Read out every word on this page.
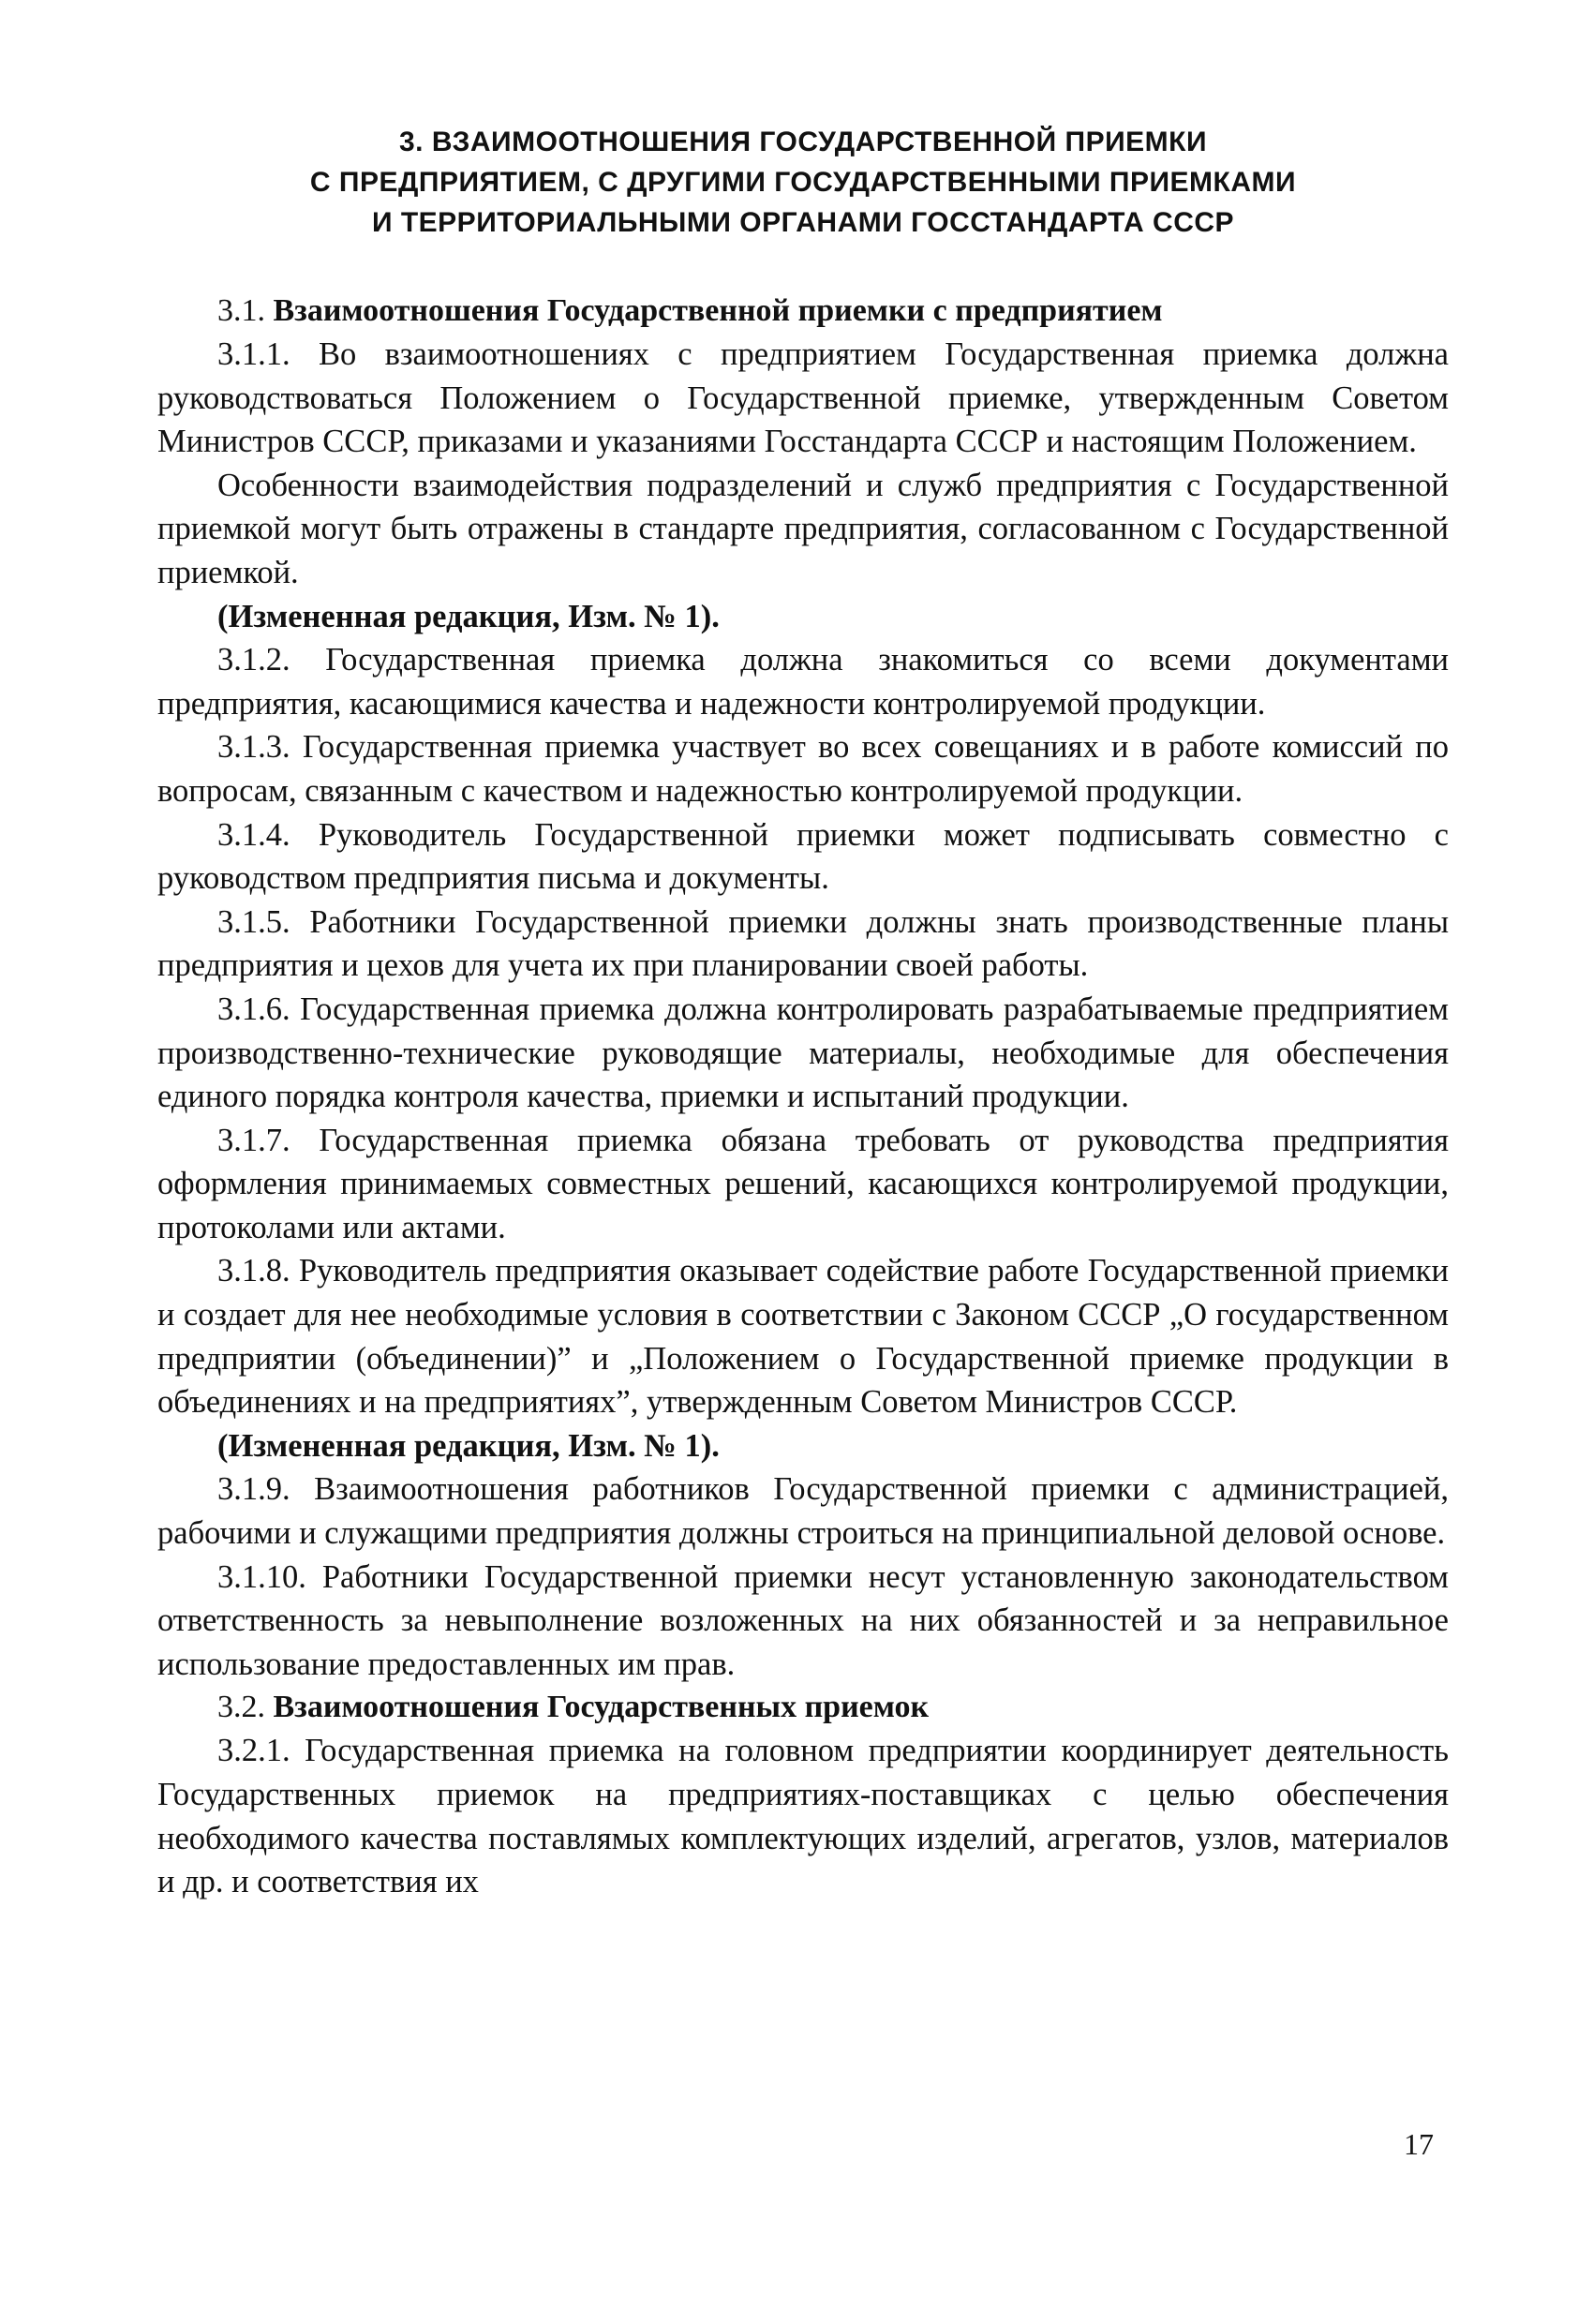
3. ВЗАИМООТНОШЕНИЯ ГОСУДАРСТВЕННОЙ ПРИЕМКИ
С ПРЕДПРИЯТИЕМ, С ДРУГИМИ ГОСУДАРСТВЕННЫМИ ПРИЕМКАМИ
И ТЕРРИТОРИАЛЬНЫМИ ОРГАНАМИ ГОССТАНДАРТА СССР

3.1. Взаимоотношения Государственной приемки с предприятием

3.1.1. Во взаимоотношениях с предприятием Государственная приемка должна руководствоваться Положением о Государственной приемке, утвержденным Советом Министров СССР, приказами и указаниями Госстандарта СССР и настоящим Положением.

Особенности взаимодействия подразделений и служб предприятия с Государственной приемкой могут быть отражены в стандарте предприятия, согласованном с Государственной приемкой.

(Измененная редакция, Изм. № 1).

3.1.2. Государственная приемка должна знакомиться со всеми документами предприятия, касающимися качества и надежности контролируемой продукции.

3.1.3. Государственная приемка участвует во всех совещаниях и в работе комиссий по вопросам, связанным с качеством и надежностью контролируемой продукции.

3.1.4. Руководитель Государственной приемки может подписывать совместно с руководством предприятия письма и документы.

3.1.5. Работники Государственной приемки должны знать производственные планы предприятия и цехов для учета их при планировании своей работы.

3.1.6. Государственная приемка должна контролировать разрабатываемые предприятием производственно-технические руководящие материалы, необходимые для обеспечения единого порядка контроля качества, приемки и испытаний продукции.

3.1.7. Государственная приемка обязана требовать от руководства предприятия оформления принимаемых совместных решений, касающихся контролируемой продукции, протоколами или актами.

3.1.8. Руководитель предприятия оказывает содействие работе Государственной приемки и создает для нее необходимые условия в соответствии с Законом СССР „О государственном предприятии (объединении)” и „Положением о Государственной приемке продукции в объединениях и на предприятиях”, утвержденным Советом Министров СССР.

(Измененная редакция, Изм. № 1).

3.1.9. Взаимоотношения работников Государственной приемки с администрацией, рабочими и служащими предприятия должны строиться на принципиальной деловой основе.

3.1.10. Работники Государственной приемки несут установленную законодательством ответственность за невыполнение возложенных на них обязанностей и за неправильное использование предоставленных им прав.

3.2. Взаимоотношения Государственных приемок

3.2.1. Государственная приемка на головном предприятии координирует деятельность Государственных приемок на предприятиях-поставщиках с целью обеспечения необходимого качества поставлямых комплектующих изделий, агрегатов, узлов, материалов и др. и соответствия их

17
